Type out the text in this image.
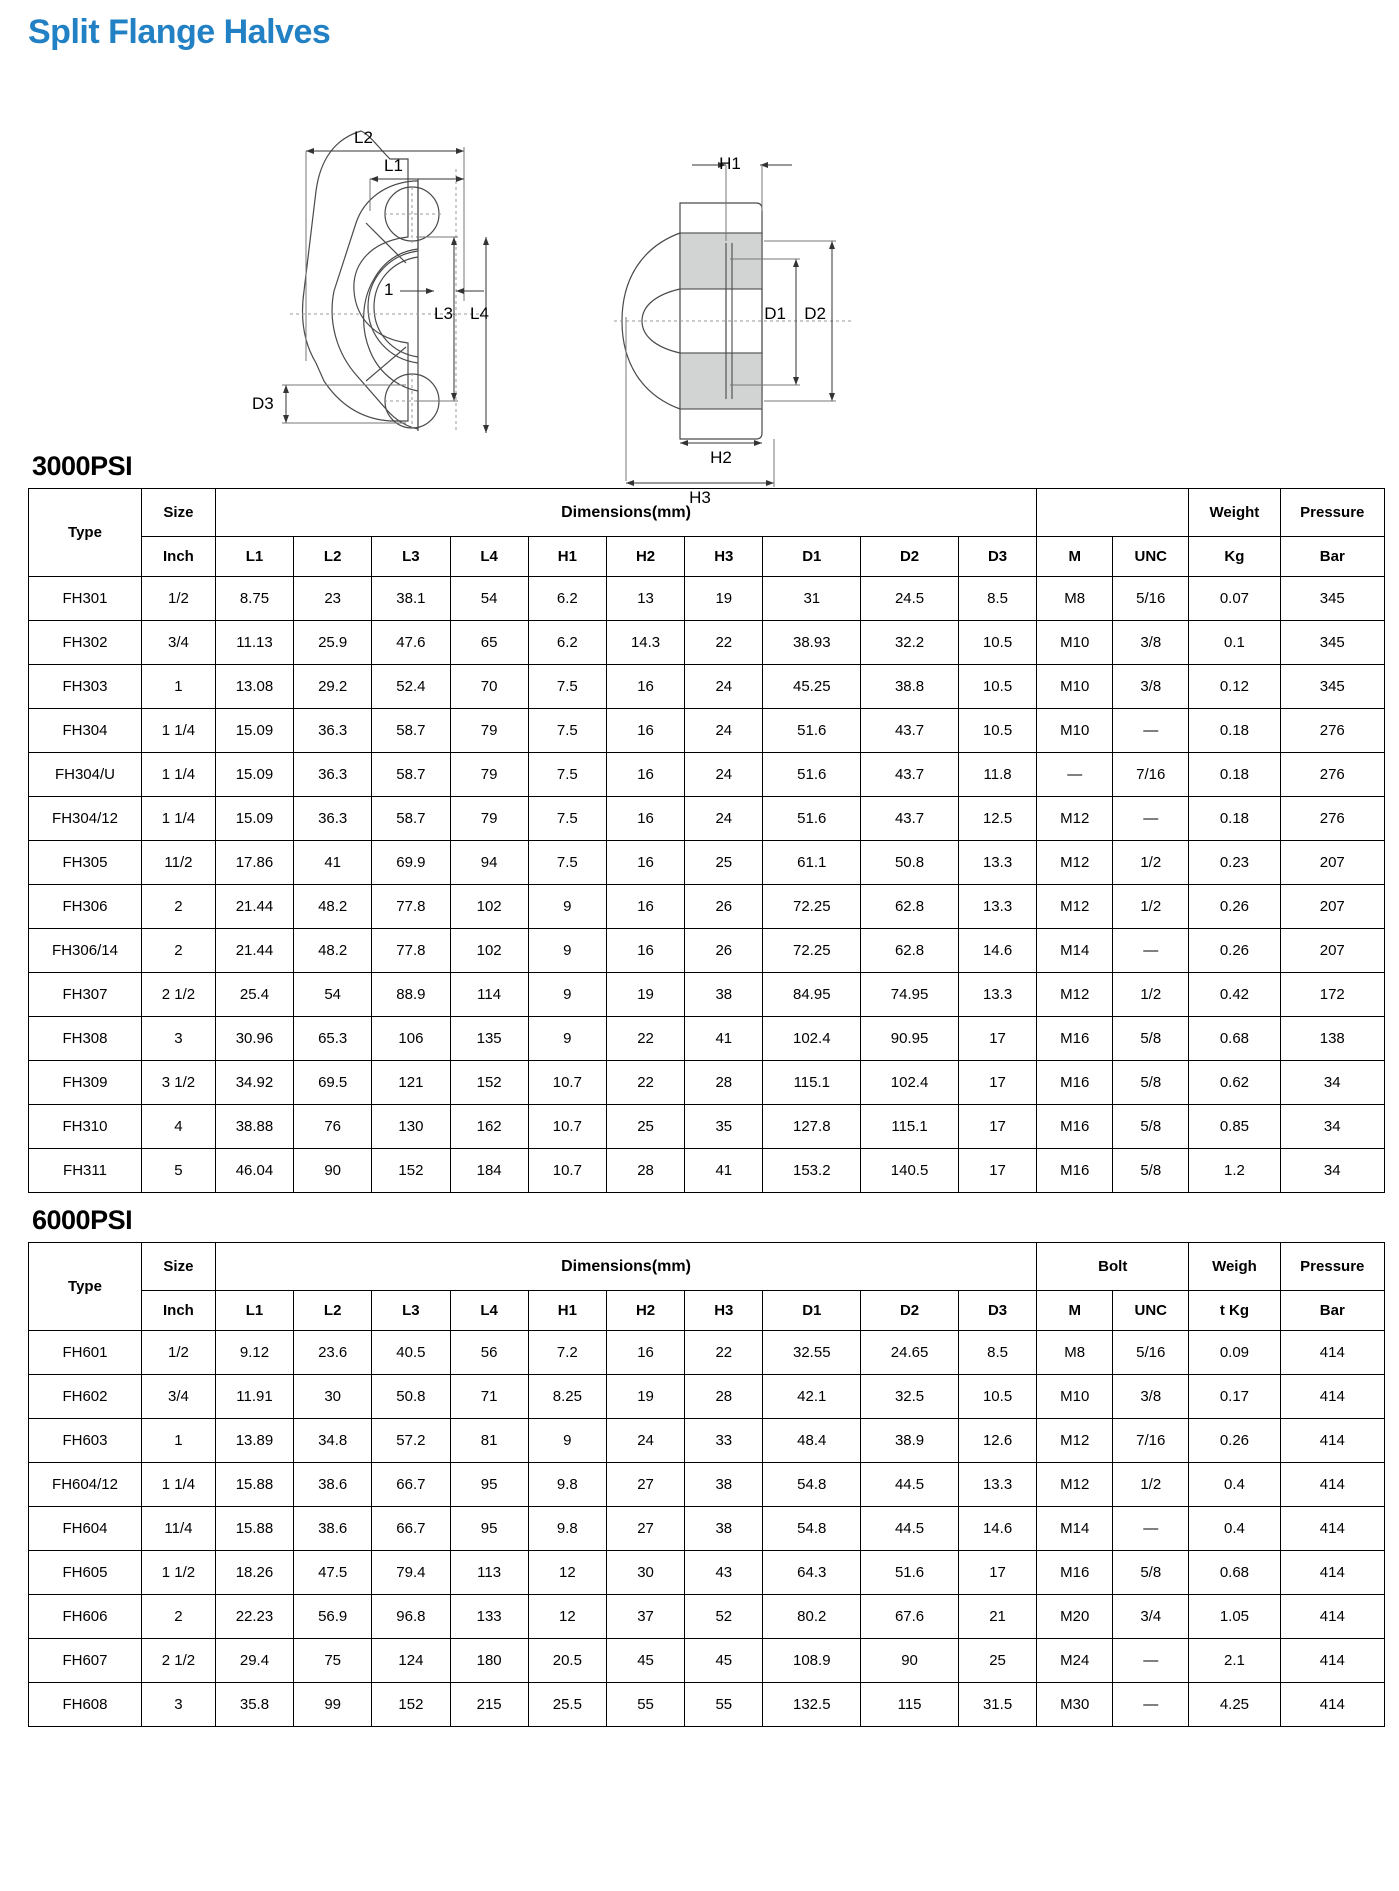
Split Flange Halves
L2
L1
1
L3 L4
D3
H1
D1 D2
H2
H3
3000PSI
Type	Size	Dimensions(mm)												Weight	Pressure
	Inch	L1	L2	L3	L4	H1	H2	H3	D1	D2	D3	M	UNC	Kg	Bar
FH301	1/2	8.75	23	38.1	54	6.2	13	19	31	24.5	8.5	M8	5/16	0.07	345
FH302	3/4	11.13	25.9	47.6	65	6.2	14.3	22	38.93	32.2	10.5	M10	3/8	0.1	345
FH303	1	13.08	29.2	52.4	70	7.5	16	24	45.25	38.8	10.5	M10	3/8	0.12	345
FH304	1 1/4	15.09	36.3	58.7	79	7.5	16	24	51.6	43.7	10.5	M10	—	0.18	276
FH304/U	1 1/4	15.09	36.3	58.7	79	7.5	16	24	51.6	43.7	11.8	—	7/16	0.18	276
FH304/12	1 1/4	15.09	36.3	58.7	79	7.5	16	24	51.6	43.7	12.5	M12	—	0.18	276
FH305	11/2	17.86	41	69.9	94	7.5	16	25	61.1	50.8	13.3	M12	1/2	0.23	207
FH306	2	21.44	48.2	77.8	102	9	16	26	72.25	62.8	13.3	M12	1/2	0.26	207
FH306/14	2	21.44	48.2	77.8	102	9	16	26	72.25	62.8	14.6	M14	—	0.26	207
FH307	2 1/2	25.4	54	88.9	114	9	19	38	84.95	74.95	13.3	M12	1/2	0.42	172
FH308	3	30.96	65.3	106	135	9	22	41	102.4	90.95	17	M16	5/8	0.68	138
FH309	3 1/2	34.92	69.5	121	152	10.7	22	28	115.1	102.4	17	M16	5/8	0.62	34
FH310	4	38.88	76	130	162	10.7	25	35	127.8	115.1	17	M16	5/8	0.85	34
FH311	5	46.04	90	152	184	10.7	28	41	153.2	140.5	17	M16	5/8	1.2	34
6000PSI
Type	Size	Dimensions(mm)										Bolt		Weigh	Pressure
	Inch	L1	L2	L3	L4	H1	H2	H3	D1	D2	D3	M	UNC	t Kg	Bar
FH601	1/2	9.12	23.6	40.5	56	7.2	16	22	32.55	24.65	8.5	M8	5/16	0.09	414
FH602	3/4	11.91	30	50.8	71	8.25	19	28	42.1	32.5	10.5	M10	3/8	0.17	414
FH603	1	13.89	34.8	57.2	81	9	24	33	48.4	38.9	12.6	M12	7/16	0.26	414
FH604/12	1 1/4	15.88	38.6	66.7	95	9.8	27	38	54.8	44.5	13.3	M12	1/2	0.4	414
FH604	11/4	15.88	38.6	66.7	95	9.8	27	38	54.8	44.5	14.6	M14	—	0.4	414
FH605	1 1/2	18.26	47.5	79.4	113	12	30	43	64.3	51.6	17	M16	5/8	0.68	414
FH606	2	22.23	56.9	96.8	133	12	37	52	80.2	67.6	21	M20	3/4	1.05	414
FH607	2 1/2	29.4	75	124	180	20.5	45	45	108.9	90	25	M24	—	2.1	414
FH608	3	35.8	99	152	215	25.5	55	55	132.5	115	31.5	M30	—	4.25	414
